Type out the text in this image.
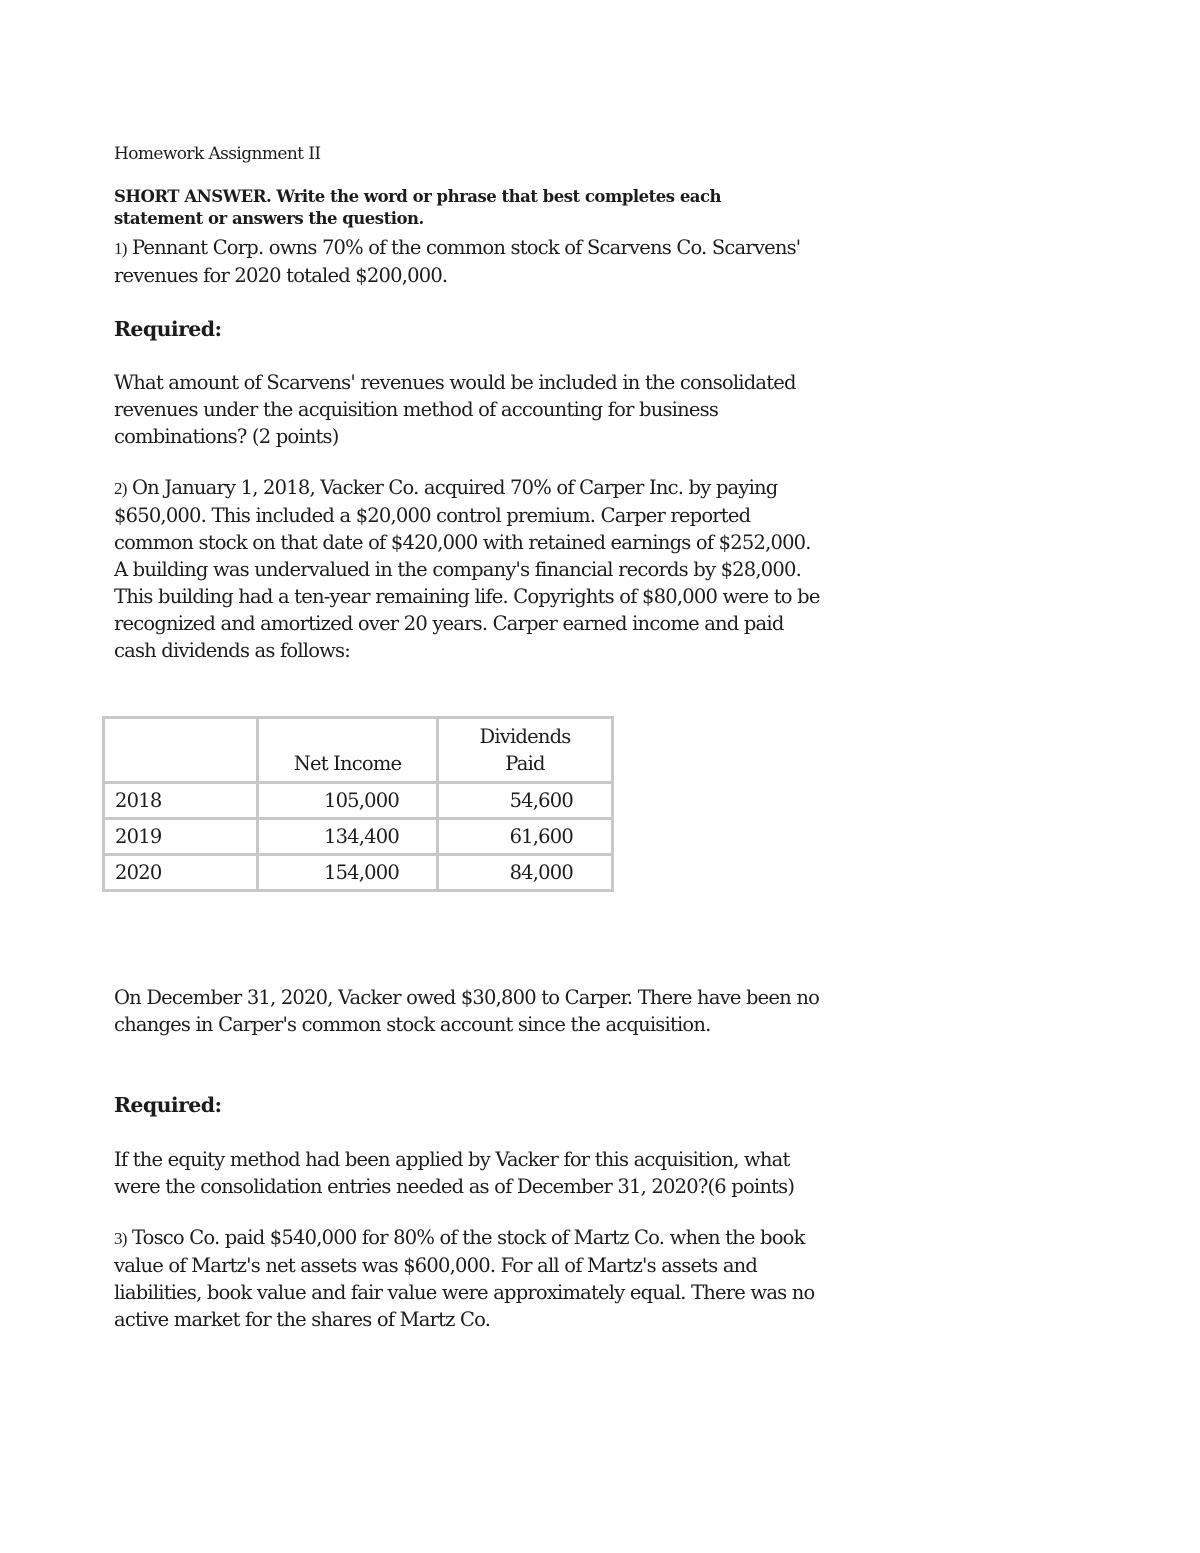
Homework Assignment II

SHORT ANSWER. Write the word or phrase that best completes each statement or answers the question.

1) Pennant Corp. owns 70% of the common stock of Scarvens Co. Scarvens' revenues for 2020 totaled $200,000.

Required:

What amount of Scarvens' revenues would be included in the consolidated revenues under the acquisition method of accounting for business combinations? (2 points)

2) On January 1, 2018, Vacker Co. acquired 70% of Carper Inc. by paying $650,000. This included a $20,000 control premium. Carper reported common stock on that date of $420,000 with retained earnings of $252,000. A building was undervalued in the company's financial records by $28,000. This building had a ten-year remaining life. Copyrights of $80,000 were to be recognized and amortized over 20 years. Carper earned income and paid cash dividends as follows:

On December 31, 2020, Vacker owed $30,800 to Carper. There have been no changes in Carper's common stock account since the acquisition.

Required:

If the equity method had been applied by Vacker for this acquisition, what were the consolidation entries needed as of December 31, 2020?(6 points)

3) Tosco Co. paid $540,000 for 80% of the stock of Martz Co. when the book value of Martz's net assets was $600,000. For all of Martz's assets and liabilities, book value and fair value were approximately equal. There was no active market for the shares of Martz Co.

	Net Income	Dividends Paid

2018	105,000	54,600

2019	134,400	61,600

2020	154,000	84,000
